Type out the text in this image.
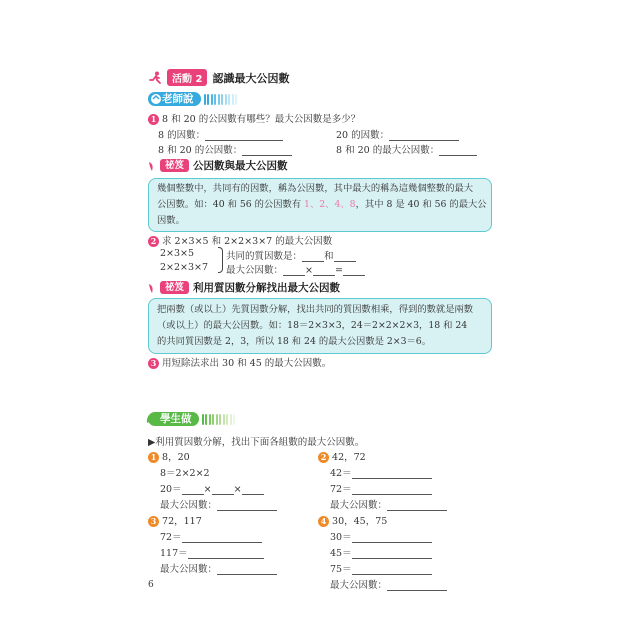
活動 2 認識最大公因數
老師說
1 8 和 20 的公因數有哪些？最大公因數是多少？
8 的因數：	20 的因數：
8 和 20 的公因數：	8 和 20 的最大公因數：
祕笈 公因數與最大公因數
幾個整數中，共同有的因數，稱為公因數，其中最大的稱為這幾個整數的最大
公因數。如：40 和 56 的公因數有 1、2、4、8，其中 8 是 40 和 56 的最大公
因數。
2 求 2×3×5 和 2×2×3×7 的最大公因數
2×3×5
2×2×3×7
共同的質因數是： 和
最大公因數： × =
祕笈 利用質因數分解找出最大公因數
把兩數（或以上）先質因數分解，找出共同的質因數相乘，得到的數就是兩數
（或以上）的最大公因數。如：18＝2×3×3，24＝2×2×2×3，18 和 24
的共同質因數是 2，3，所以 18 和 24 的最大公因數是 2×3＝6。
3 用短除法求出 30 和 45 的最大公因數。
學生做
▶利用質因數分解，找出下面各組數的最大公因數。
1 8，20
8＝2×2×2
20＝ × ×
最大公因數：
2 42，72
42＝
72＝
最大公因數：
3 72，117
72＝
117＝
最大公因數：
4 30，45，75
30＝
45＝
75＝
最大公因數：
6
